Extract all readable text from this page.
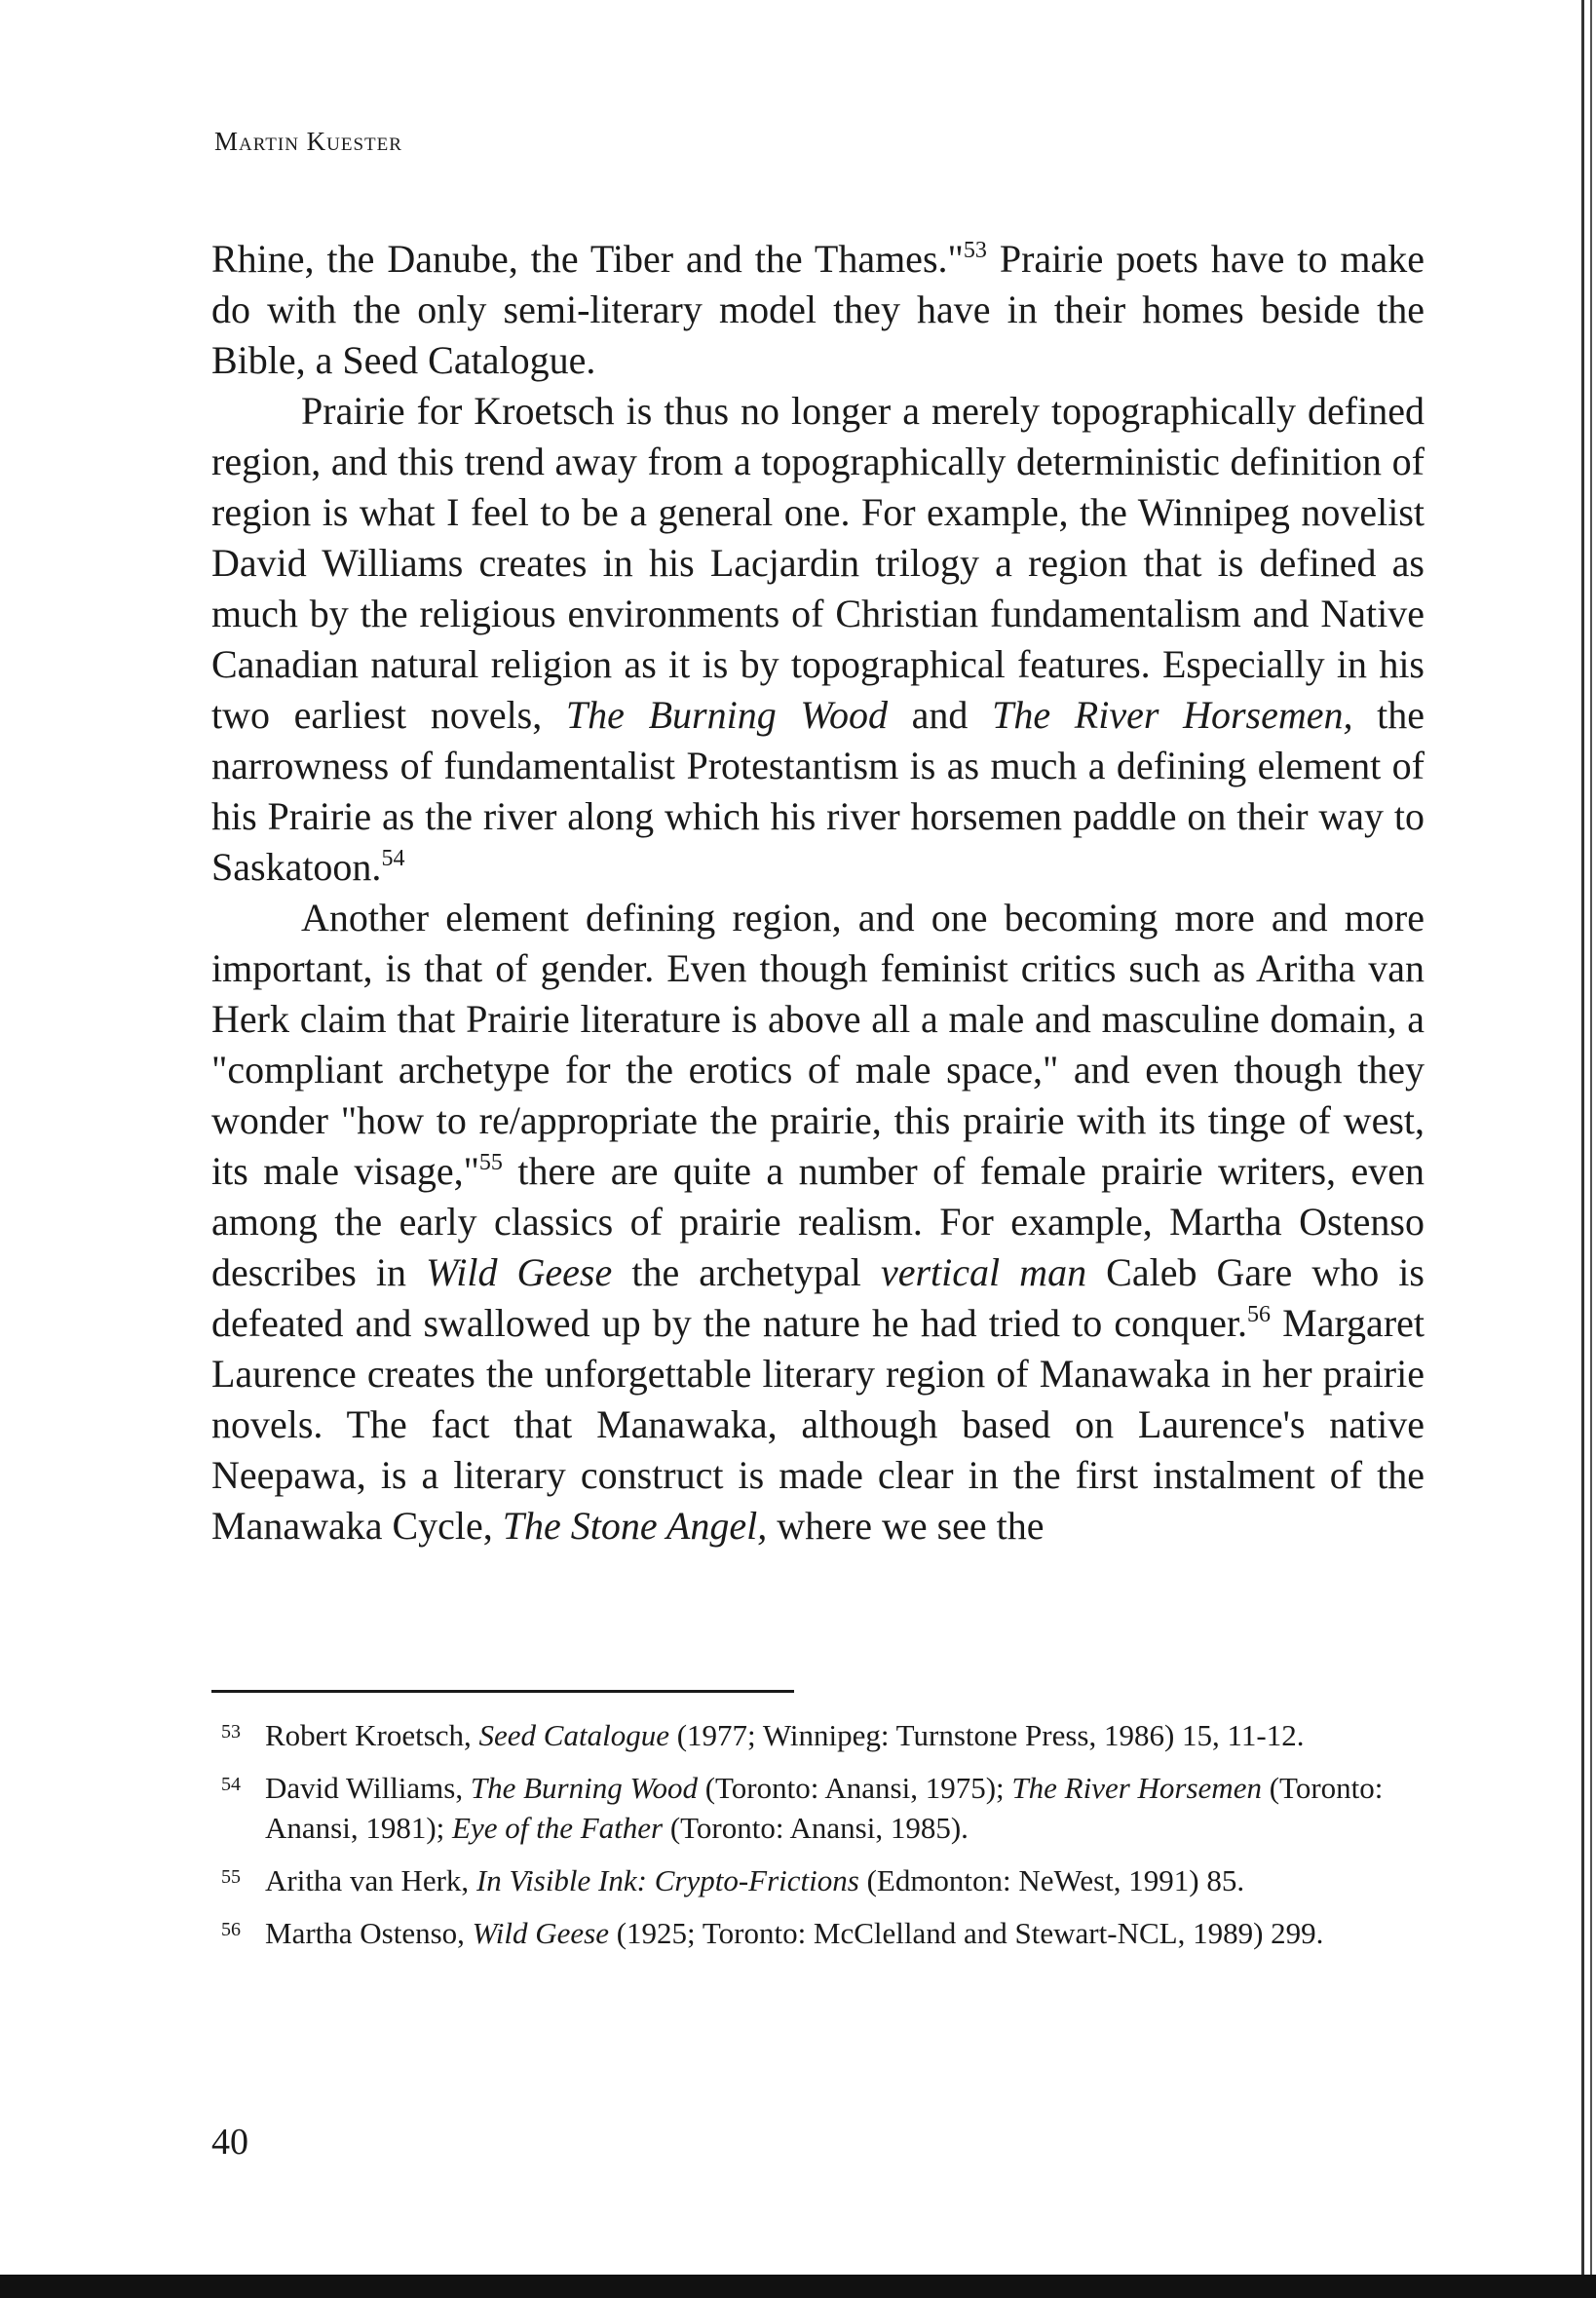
Martin Kuester

Rhine, the Danube, the Tiber and the Thames."$^{53}$ Prairie poets have to make do with the only semi-literary model they have in their homes beside the Bible, a Seed Catalogue.

Prairie for Kroetsch is thus no longer a merely topographically defined region, and this trend away from a topographically deterministic definition of region is what I feel to be a general one. For example, the Winnipeg novelist David Williams creates in his Lacjardin trilogy a region that is defined as much by the religious environments of Christian fundamentalism and Native Canadian natural religion as it is by topographical features. Especially in his two earliest novels, The Burning Wood and The River Horsemen, the narrowness of fundamentalist Protestantism is as much a defining element of his Prairie as the river along which his river horsemen paddle on their way to Saskatoon.$^{54}$

Another element defining region, and one becoming more and more important, is that of gender. Even though feminist critics such as Aritha van Herk claim that Prairie literature is above all a male and masculine domain, a "compliant archetype for the erotics of male space," and even though they wonder "how to re/appropriate the prairie, this prairie with its tinge of west, its male visage,"$^{55}$ there are quite a number of female prairie writers, even among the early classics of prairie realism. For example, Martha Ostenso describes in Wild Geese the archetypal vertical man Caleb Gare who is defeated and swallowed up by the nature he had tried to conquer.$^{56}$ Margaret Laurence creates the unforgettable literary region of Manawaka in her prairie novels. The fact that Manawaka, although based on Laurence's native Neepawa, is a literary construct is made clear in the first instalment of the Manawaka Cycle, The Stone Angel, where we see the

53 Robert Kroetsch, Seed Catalogue (1977; Winnipeg: Turnstone Press, 1986) 15, 11-12.
54 David Williams, The Burning Wood (Toronto: Anansi, 1975); The River Horsemen (Toronto: Anansi, 1981); Eye of the Father (Toronto: Anansi, 1985).
55 Aritha van Herk, In Visible Ink: Crypto-Frictions (Edmonton: NeWest, 1991) 85.
56 Martha Ostenso, Wild Geese (1925; Toronto: McClelland and Stewart-NCL, 1989) 299.
40
